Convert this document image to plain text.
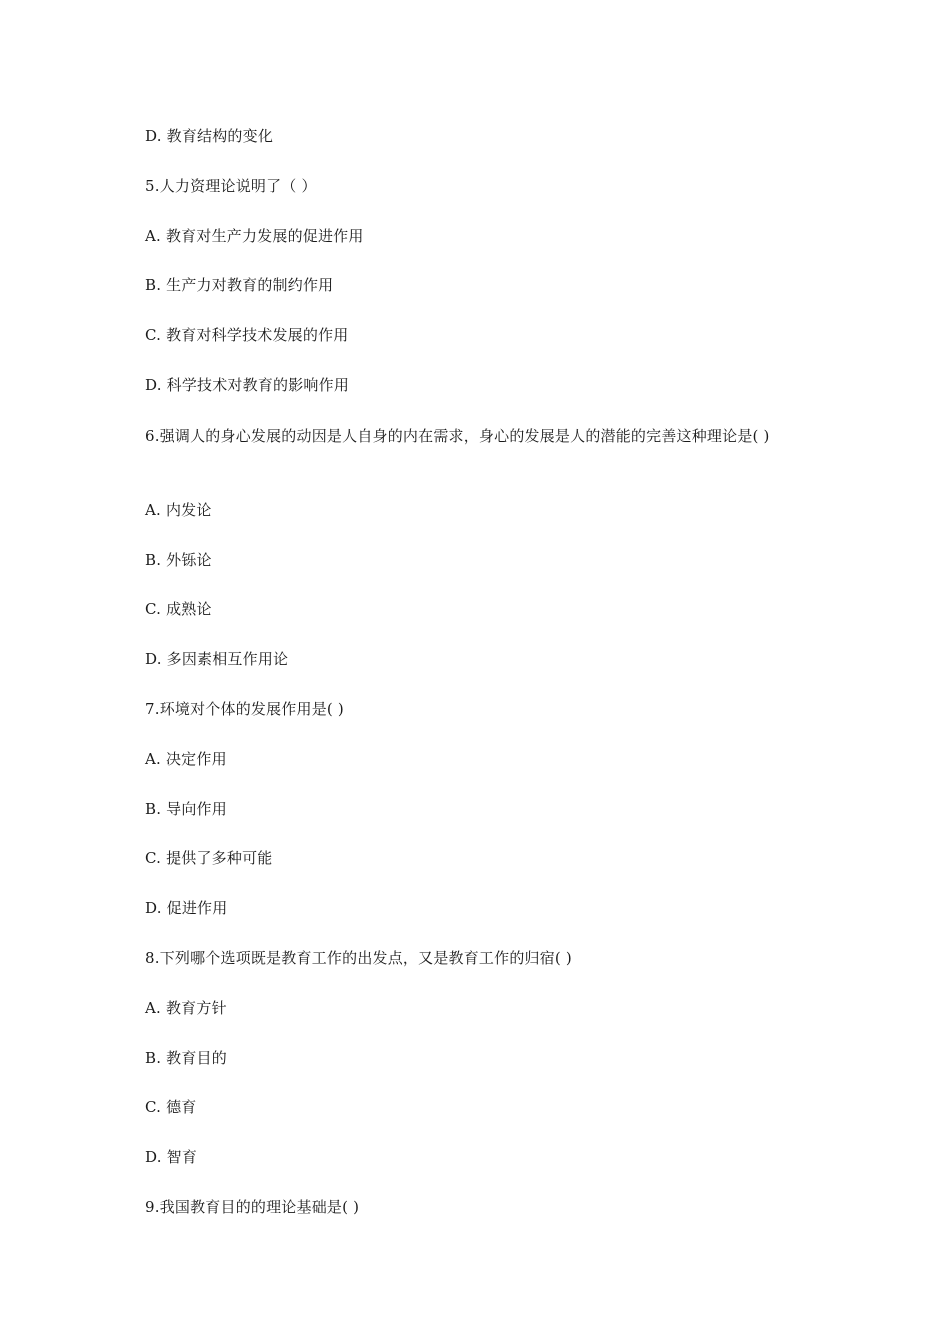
D. 教育结构的变化
5.人力资理论说明了（ ）
A. 教育对生产力发展的促进作用
B. 生产力对教育的制约作用
C. 教育对科学技术发展的作用
D. 科学技术对教育的影响作用
6.强调人的身心发展的动因是人自身的内在需求，身心的发展是人的潜能的完善这种理论是( )
A. 内发论
B. 外铄论
C. 成熟论
D. 多因素相互作用论
7.环境对个体的发展作用是( )
A. 决定作用
B. 导向作用
C. 提供了多种可能
D. 促进作用
8.下列哪个选项既是教育工作的出发点，又是教育工作的归宿( )
A. 教育方针
B. 教育目的
C. 德育
D. 智育
9.我国教育目的的理论基础是( )
